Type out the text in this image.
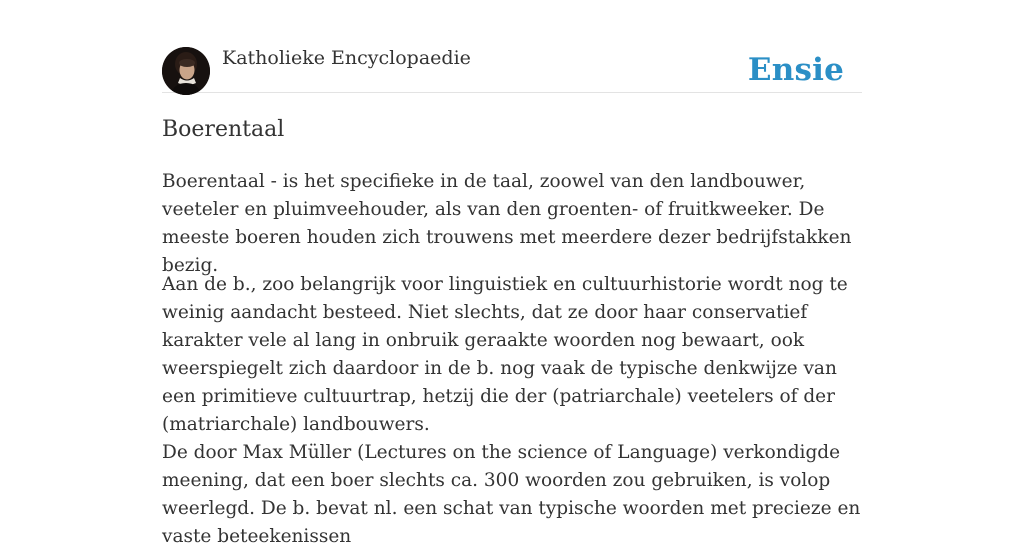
Katholieke Encyclopaedie	Ensie
Boerentaal

Boerentaal - is het specifieke in de taal, zoowel van den landbouwer, veeteler en pluimveehouder, als van den groenten- of fruitkweeker. De meeste boeren houden zich trouwens met meerdere dezer bedrijfstakken bezig.

Aan de b., zoo belangrijk voor linguistiek en cultuurhistorie wordt nog te weinig aandacht besteed. Niet slechts, dat ze door haar conservatief karakter vele al lang in onbruik geraakte woorden nog bewaart, ook weerspiegelt zich daardoor in de b. nog vaak de typische denkwijze van een primitieve cultuurtrap, hetzij die der (patriarchale) veetelers of der (matriarchale) landbouwers.

De door Max Müller (Lectures on the science of Language) verkondigde meening, dat een boer slechts ca. 300 woorden zou gebruiken, is volop weerlegd. De b. bevat nl. een schat van typische woorden met precieze en vaste beteekenissen
